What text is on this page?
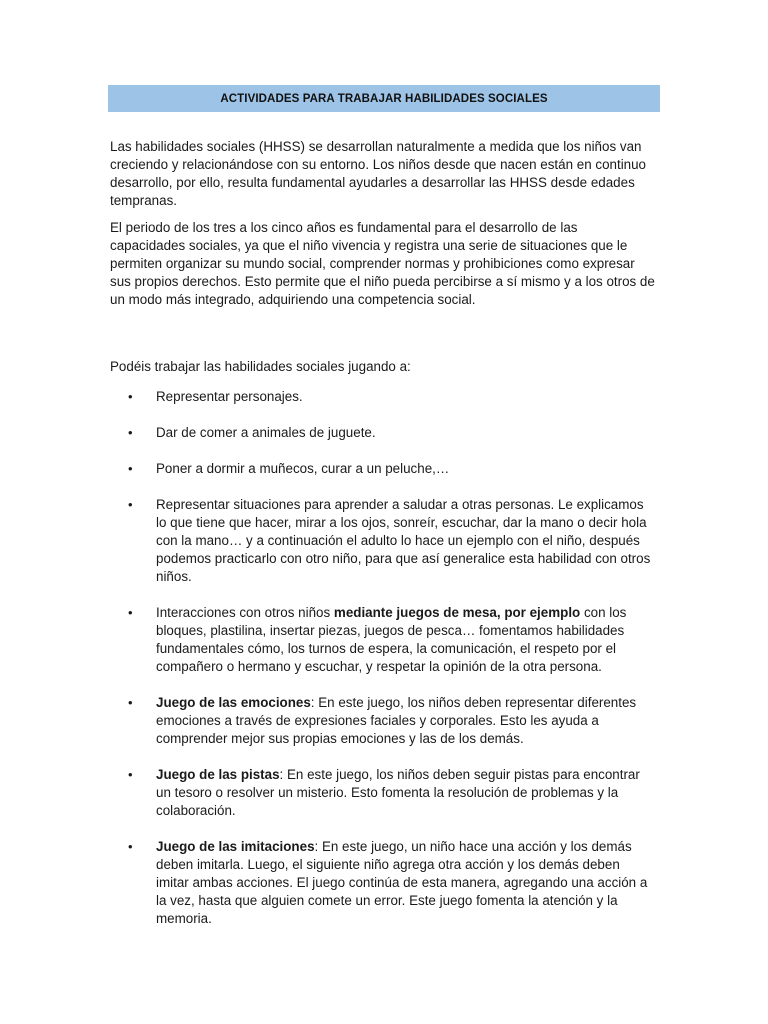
ACTIVIDADES PARA TRABAJAR HABILIDADES SOCIALES

Las habilidades sociales (HHSS) se desarrollan naturalmente a medida que los niños van creciendo y relacionándose con su entorno. Los niños desde que nacen están en continuo desarrollo, por ello, resulta fundamental ayudarles a desarrollar las HHSS desde edades tempranas.

El periodo de los tres a los cinco años es fundamental para el desarrollo de las capacidades sociales, ya que el niño vivencia y registra una serie de situaciones que le permiten organizar su mundo social, comprender normas y prohibiciones como expresar sus propios derechos. Esto permite que el niño pueda percibirse a sí mismo y a los otros de un modo más integrado, adquiriendo una competencia social.

Podéis trabajar las habilidades sociales jugando a:

• Representar personajes.
• Dar de comer a animales de juguete.
• Poner a dormir a muñecos, curar a un peluche,…
• Representar situaciones para aprender a saludar a otras personas. Le explicamos lo que tiene que hacer, mirar a los ojos, sonreír, escuchar, dar la mano o decir hola con la mano… y a continuación el adulto lo hace un ejemplo con el niño, después podemos practicarlo con otro niño, para que así generalice esta habilidad con otros niños.
• Interacciones con otros niños mediante juegos de mesa, por ejemplo con los bloques, plastilina, insertar piezas, juegos de pesca… fomentamos habilidades fundamentales cómo, los turnos de espera, la comunicación, el respeto por el compañero o hermano y escuchar, y respetar la opinión de la otra persona.
• Juego de las emociones: En este juego, los niños deben representar diferentes emociones a través de expresiones faciales y corporales. Esto les ayuda a comprender mejor sus propias emociones y las de los demás.
• Juego de las pistas: En este juego, los niños deben seguir pistas para encontrar un tesoro o resolver un misterio. Esto fomenta la resolución de problemas y la colaboración.
• Juego de las imitaciones: En este juego, un niño hace una acción y los demás deben imitarla. Luego, el siguiente niño agrega otra acción y los demás deben imitar ambas acciones. El juego continúa de esta manera, agregando una acción a la vez, hasta que alguien comete un error. Este juego fomenta la atención y la memoria.
